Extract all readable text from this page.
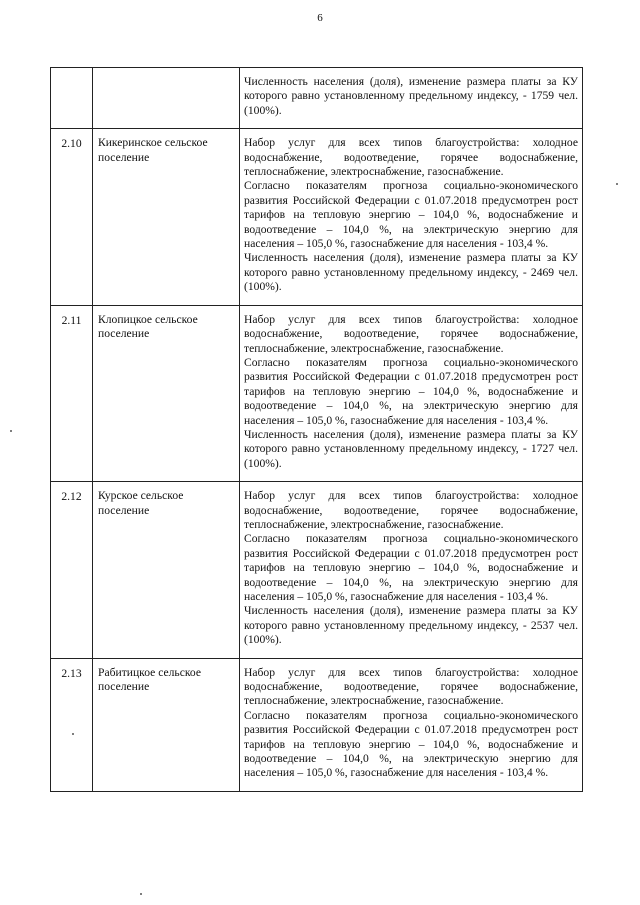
6

		Численность населения (доля), изменение размера платы за КУ которого равно установленному предельному индексу, - 1759 чел. (100%).

2.10	Кикеринское сельское поселение	Набор услуг для всех типов благоустройства: холодное водоснабжение, водоотведение, горячее водоснабжение, теплоснабжение, электроснабжение, газоснабжение.
Согласно показателям прогноза социально-экономического развития Российской Федерации с 01.07.2018 предусмотрен рост тарифов на тепловую энергию – 104,0 %, водоснабжение и водоотведение – 104,0 %, на электрическую энергию для населения – 105,0 %, газоснабжение для населения - 103,4 %.
Численность населения (доля), изменение размера платы за КУ которого равно установленному предельному индексу, - 2469 чел. (100%).

2.11	Клопицкое сельское поселение	Набор услуг для всех типов благоустройства: холодное водоснабжение, водоотведение, горячее водоснабжение, теплоснабжение, электроснабжение, газоснабжение.
Согласно показателям прогноза социально-экономического развития Российской Федерации с 01.07.2018 предусмотрен рост тарифов на тепловую энергию – 104,0 %, водоснабжение и водоотведение – 104,0 %, на электрическую энергию для населения – 105,0 %, газоснабжение для населения - 103,4 %.
Численность населения (доля), изменение размера платы за КУ которого равно установленному предельному индексу, - 1727 чел. (100%).

2.12	Курское сельское поселение	Набор услуг для всех типов благоустройства: холодное водоснабжение, водоотведение, горячее водоснабжение, теплоснабжение, электроснабжение, газоснабжение.
Согласно показателям прогноза социально-экономического развития Российской Федерации с 01.07.2018 предусмотрен рост тарифов на тепловую энергию – 104,0 %, водоснабжение и водоотведение – 104,0 %, на электрическую энергию для населения – 105,0 %, газоснабжение для населения - 103,4 %.
Численность населения (доля), изменение размера платы за КУ которого равно установленному предельному индексу, - 2537 чел. (100%).

2.13	Рабитицкое сельское поселение	Набор услуг для всех типов благоустройства: холодное водоснабжение, водоотведение, горячее водоснабжение, теплоснабжение, электроснабжение, газоснабжение.
Согласно показателям прогноза социально-экономического развития Российской Федерации с 01.07.2018 предусмотрен рост тарифов на тепловую энергию – 104,0 %, водоснабжение и водоотведение – 104,0 %, на электрическую энергию для населения – 105,0 %, газоснабжение для населения - 103,4 %.
